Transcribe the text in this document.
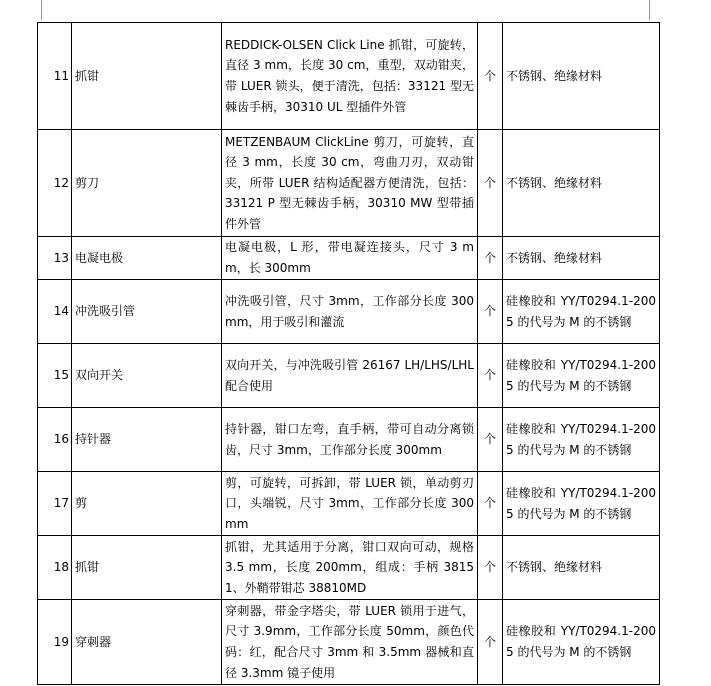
11	抓钳	REDDICK-OLSEN Click Line 抓钳，可旋转，直径 3 mm，长度 30 cm，重型，双动钳夹，带 LUER 锁头，便于清洗，包括：33121 型无棘齿手柄，30310 UL 型插件外管	个	不锈钢、绝缘材料
12	剪刀	METZENBAUM ClickLine 剪刀，可旋转，直径 3 mm，长度 30 cm，弯曲刀刃，双动钳夹，所带 LUER 结构适配器方便清洗，包括：33121 P 型无棘齿手柄，30310 MW 型带插件外管	个	不锈钢、绝缘材料
13	电凝电极	电凝电极，L 形，带电凝连接头，尺寸 3 mm，长 300mm	个	不锈钢、绝缘材料
14	冲洗吸引管	冲洗吸引管，尺寸 3mm，工作部分长度 300mm，用于吸引和灌流	个	硅橡胶和 YY/T0294.1-2005 的代号为 M 的不锈钢
15	双向开关	双向开关，与冲洗吸引管 26167 LH/LHS/LHL 配合使用	个	硅橡胶和 YY/T0294.1-2005 的代号为 M 的不锈钢
16	持针器	持针器，钳口左弯，直手柄，带可自动分离锁齿，尺寸 3mm，工作部分长度 300mm	个	硅橡胶和 YY/T0294.1-2005 的代号为 M 的不锈钢
17	剪	剪，可旋转，可拆卸，带 LUER 锁，单动剪刃口，头端锐，尺寸 3mm，工作部分长度 300mm	个	硅橡胶和 YY/T0294.1-2005 的代号为 M 的不锈钢
18	抓钳	抓钳，尤其适用于分离，钳口双向可动，规格 3.5 mm，长度 200mm，组成：手柄 38151、外鞘带钳芯 38810MD	个	不锈钢、绝缘材料
19	穿刺器	穿刺器，带金字塔尖，带 LUER 锁用于进气，尺寸 3.9mm，工作部分长度 50mm，颜色代码：红，配合尺寸 3mm 和 3.5mm 器械和直径 3.3mm 镜子使用	个	硅橡胶和 YY/T0294.1-2005 的代号为 M 的不锈钢
